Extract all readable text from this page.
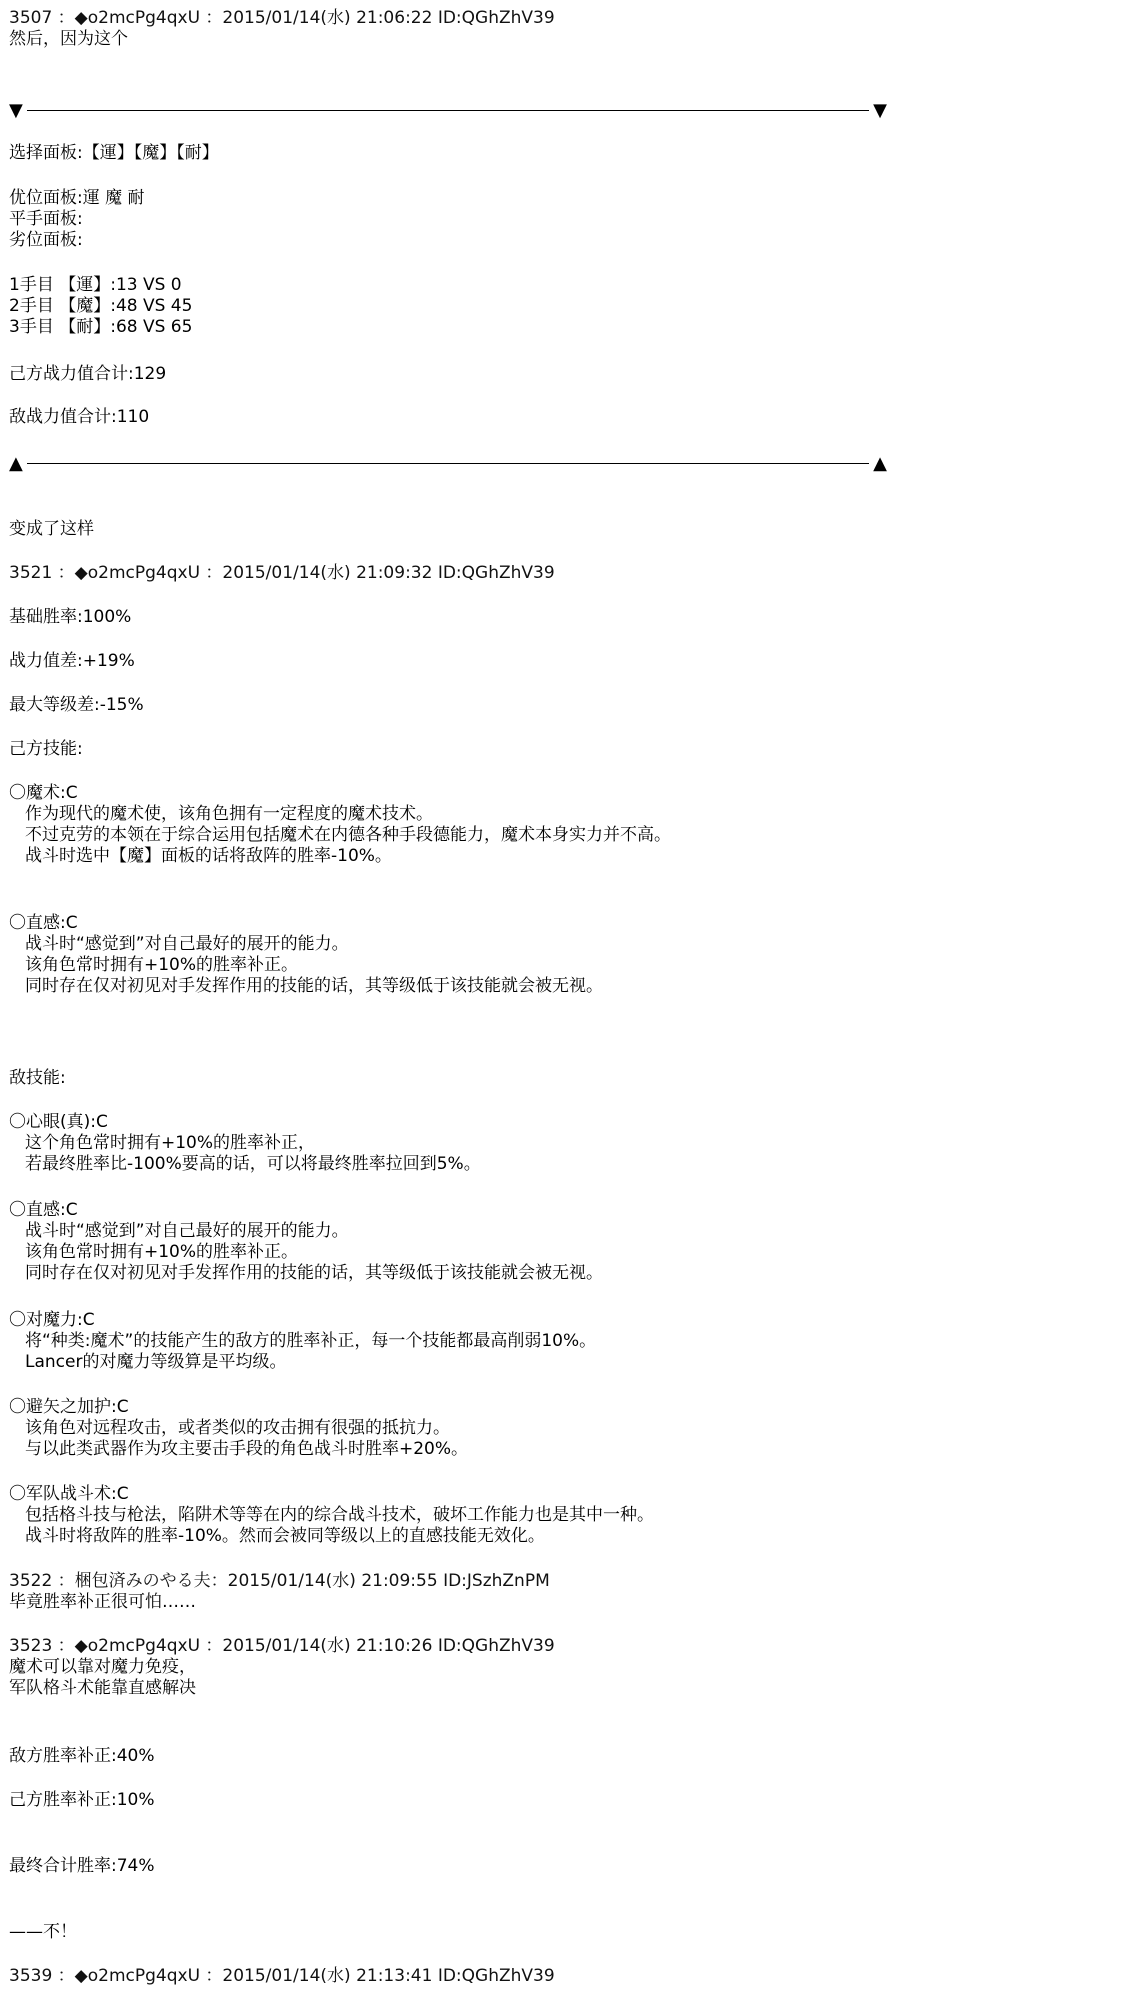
3507 ：◆o2mcPg4qxU ：2015/01/14(水) 21:06:22 ID:QGhZhV39
然后，因为这个
▼	▼
选择面板:【運】【魔】【耐】
优位面板:運 魔 耐
平手面板:
劣位面板:
1手目 【運】:13 VS 0
2手目 【魔】:48 VS 45
3手目 【耐】:68 VS 65
己方战力值合计:129
敌战力值合计:110
▲	▲
变成了这样
3521 ：◆o2mcPg4qxU ：2015/01/14(水) 21:09:32 ID:QGhZhV39
基础胜率:100%
战力值差:+19%
最大等级差:-15%
己方技能:
〇魔术:C
作为现代的魔术使，该角色拥有一定程度的魔术技术。
不过克劳的本领在于综合运用包括魔术在内德各种手段德能力，魔术本身实力并不高。
战斗时选中【魔】面板的话将敌阵的胜率-10%。
〇直感:C
战斗时“感觉到”对自己最好的展开的能力。
该角色常时拥有+10%的胜率补正。
同时存在仅对初见对手发挥作用的技能的话，其等级低于该技能就会被无视。
敌技能:
〇心眼(真):C
这个角色常时拥有+10%的胜率补正，
若最终胜率比-100%要高的话，可以将最终胜率拉回到5%。
〇直感:C
战斗时“感觉到”对自己最好的展开的能力。
该角色常时拥有+10%的胜率补正。
同时存在仅对初见对手发挥作用的技能的话，其等级低于该技能就会被无视。
〇对魔力:C
将“种类:魔术”的技能产生的敌方的胜率补正，每一个技能都最高削弱10%。
Lancer的对魔力等级算是平均级。
〇避矢之加护:C
该角色对远程攻击，或者类似的攻击拥有很强的抵抗力。
与以此类武器作为攻主要击手段的角色战斗时胜率+20%。
〇军队战斗术:C
包括格斗技与枪法，陷阱术等等在内的综合战斗技术，破坏工作能力也是其中一种。
战斗时将敌阵的胜率-10%。然而会被同等级以上的直感技能无效化。
3522 ：梱包済みのやる夫：2015/01/14(水) 21:09:55 ID:JSzhZnPM
毕竟胜率补正很可怕……
3523 ：◆o2mcPg4qxU ：2015/01/14(水) 21:10:26 ID:QGhZhV39
魔术可以靠对魔力免疫，
军队格斗术能靠直感解决
敌方胜率补正:40%
己方胜率补正:10%
最终合计胜率:74%
——不！
3539 ：◆o2mcPg4qxU ：2015/01/14(水) 21:13:41 ID:QGhZhV39
